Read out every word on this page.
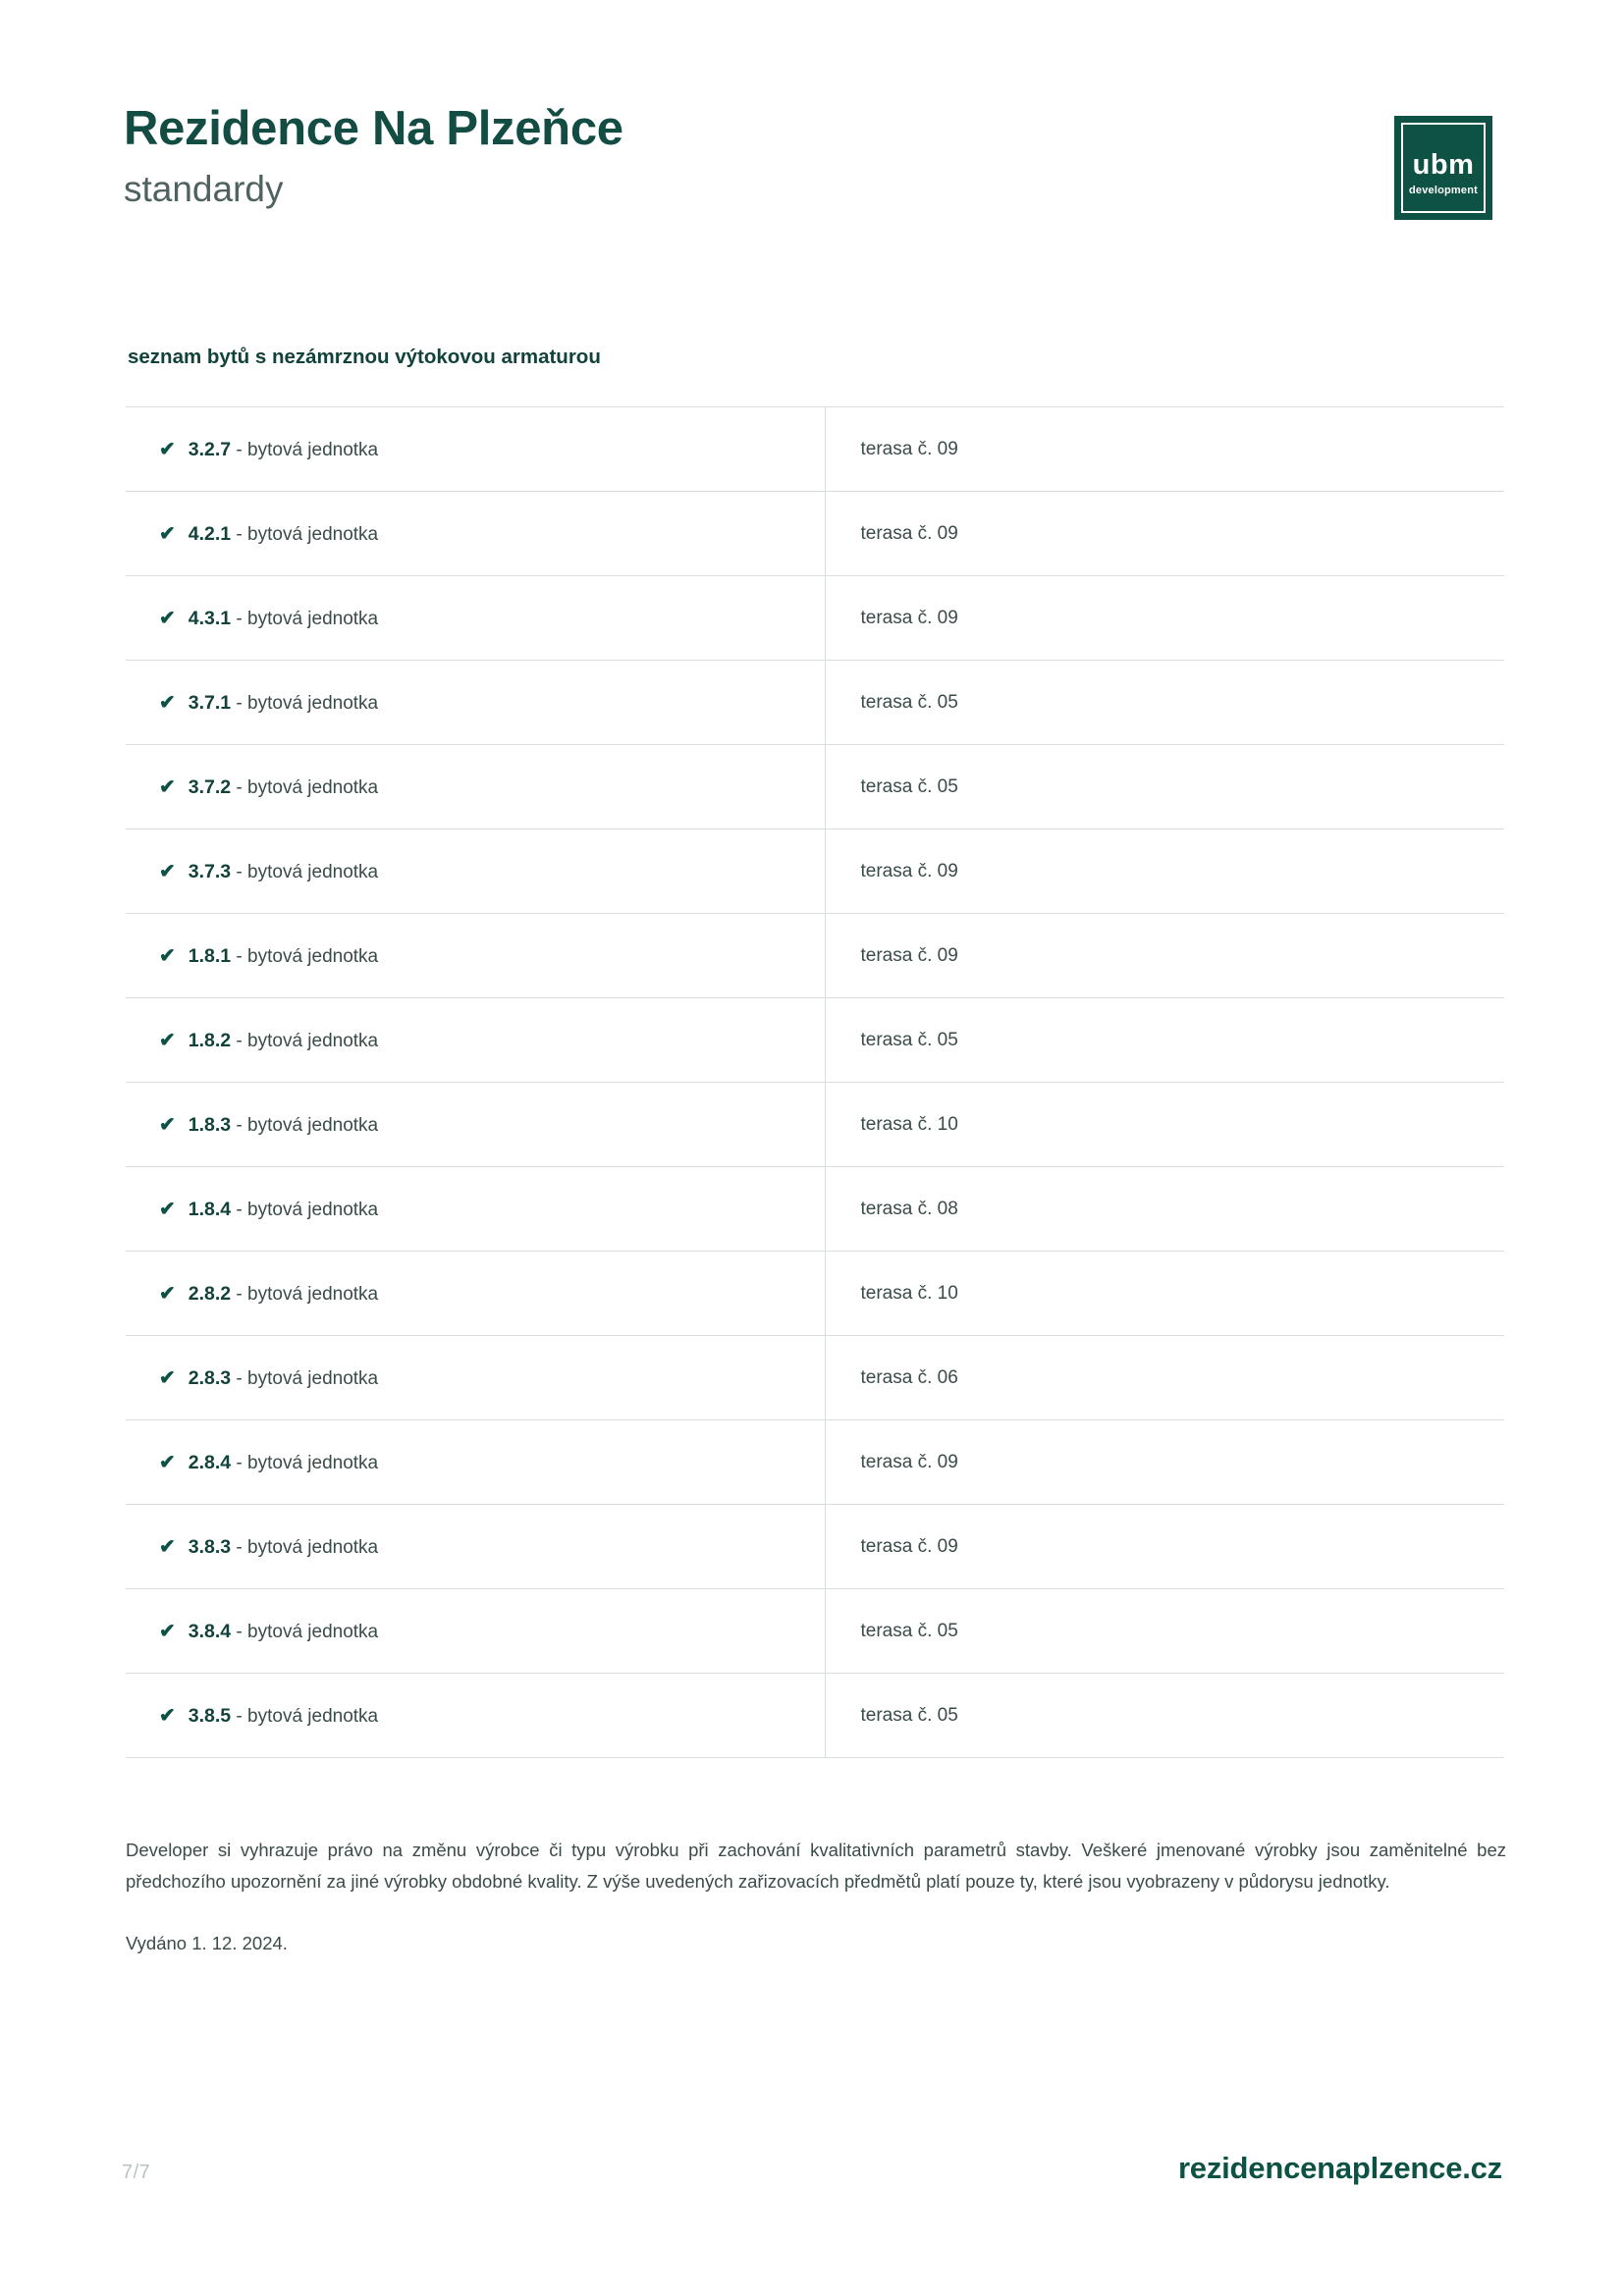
Rezidence Na Plzeňce
standardy
ubm
development
seznam bytů s nezámrznou výtokovou armaturou
✔ 3.2.7 - bytová jednotka	terasa č. 09
✔ 4.2.1 - bytová jednotka	terasa č. 09
✔ 4.3.1 - bytová jednotka	terasa č. 09
✔ 3.7.1 - bytová jednotka	terasa č. 05
✔ 3.7.2 - bytová jednotka	terasa č. 05
✔ 3.7.3 - bytová jednotka	terasa č. 09
✔ 1.8.1 - bytová jednotka	terasa č. 09
✔ 1.8.2 - bytová jednotka	terasa č. 05
✔ 1.8.3 - bytová jednotka	terasa č. 10
✔ 1.8.4 - bytová jednotka	terasa č. 08
✔ 2.8.2 - bytová jednotka	terasa č. 10
✔ 2.8.3 - bytová jednotka	terasa č. 06
✔ 2.8.4 - bytová jednotka	terasa č. 09
✔ 3.8.3 - bytová jednotka	terasa č. 09
✔ 3.8.4 - bytová jednotka	terasa č. 05
✔ 3.8.5 - bytová jednotka	terasa č. 05
Developer si vyhrazuje právo na změnu výrobce či typu výrobku při zachování kvalitativních parametrů stavby. Veškeré jmenované výrobky jsou zaměnitelné bez předchozího upozornění za jiné výrobky obdobné kvality. Z výše uvedených zařizovacích předmětů platí pouze ty, které jsou vyobrazeny v půdorysu jednotky.
Vydáno 1. 12. 2024.
7/7	rezidencenaplzence.cz
